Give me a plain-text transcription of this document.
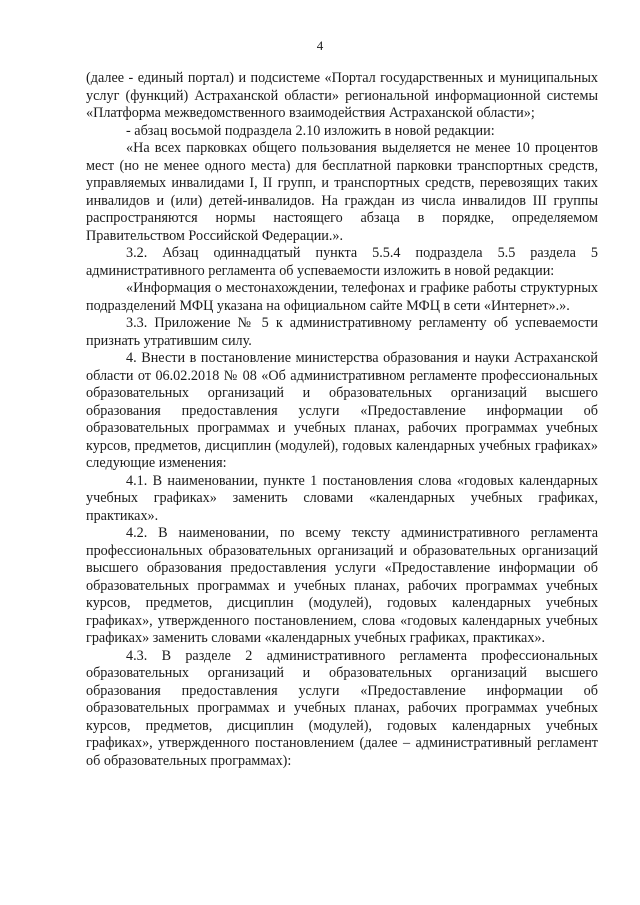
4

(далее - единый портал) и подсистеме «Портал государственных и муниципальных услуг (функций) Астраханской области» региональной информационной системы «Платформа межведомственного взаимодействия Астраханской области»;

- абзац восьмой подраздела 2.10 изложить в новой редакции:

«На всех парковках общего пользования выделяется не менее 10 процентов мест (но не менее одного места) для бесплатной парковки транспортных средств, управляемых инвалидами I, II групп, и транспортных средств, перевозящих таких инвалидов и (или) детей-инвалидов. На граждан из числа инвалидов III группы распространяются нормы настоящего абзаца в порядке, определяемом Правительством Российской Федерации.».

3.2. Абзац одиннадцатый пункта 5.5.4 подраздела 5.5 раздела 5 административного регламента об успеваемости изложить в новой редакции:

«Информация о местонахождении, телефонах и графике работы структурных подразделений МФЦ указана на официальном сайте МФЦ в сети «Интернет».».

3.3. Приложение № 5 к административному регламенту об успеваемости признать утратившим силу.

4. Внести в постановление министерства образования и науки Астраханской области от 06.02.2018 № 08 «Об административном регламенте профессиональных образовательных организаций и образовательных организаций высшего образования предоставления услуги «Предоставление информации об образовательных программах и учебных планах, рабочих программах учебных курсов, предметов, дисциплин (модулей), годовых календарных учебных графиках» следующие изменения:

4.1. В наименовании, пункте 1 постановления слова «годовых календарных учебных графиках» заменить словами «календарных учебных графиках, практиках».

4.2. В наименовании, по всему тексту административного регламента профессиональных образовательных организаций и образовательных организаций высшего образования предоставления услуги «Предоставление информации об образовательных программах и учебных планах, рабочих программах учебных курсов, предметов, дисциплин (модулей), годовых календарных учебных графиках», утвержденного постановлением, слова «годовых календарных учебных графиках» заменить словами «календарных учебных графиках, практиках».

4.3. В разделе 2 административного регламента профессиональных образовательных организаций и образовательных организаций высшего образования предоставления услуги «Предоставление информации об образовательных программах и учебных планах, рабочих программах учебных курсов, предметов, дисциплин (модулей), годовых календарных учебных графиках», утвержденного постановлением (далее – административный регламент об образовательных программах):
